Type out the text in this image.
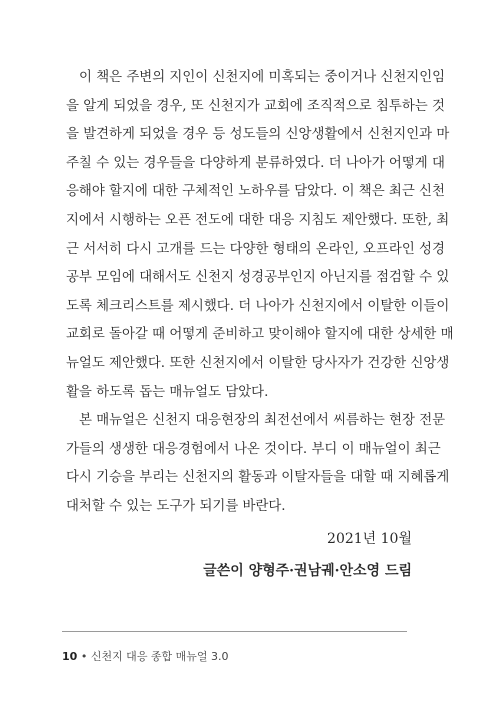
이 책은 주변의 지인이 신천지에 미혹되는 중이거나 신천지인임
을 알게 되었을 경우, 또 신천지가 교회에 조직적으로 침투하는 것
을 발견하게 되었을 경우 등 성도들의 신앙생활에서 신천지인과 마
주칠 수 있는 경우들을 다양하게 분류하였다. 더 나아가 어떻게 대
응해야 할지에 대한 구체적인 노하우를 담았다. 이 책은 최근 신천
지에서 시행하는 오픈 전도에 대한 대응 지침도 제안했다. 또한, 최
근 서서히 다시 고개를 드는 다양한 형태의 온라인, 오프라인 성경
공부 모임에 대해서도 신천지 성경공부인지 아닌지를 점검할 수 있
도록 체크리스트를 제시했다. 더 나아가 신천지에서 이탈한 이들이
교회로 돌아갈 때 어떻게 준비하고 맞이해야 할지에 대한 상세한 매
뉴얼도 제안했다. 또한 신천지에서 이탈한 당사자가 건강한 신앙생
활을 하도록 돕는 매뉴얼도 담았다.
본 매뉴얼은 신천지 대응현장의 최전선에서 씨름하는 현장 전문
가들의 생생한 대응경험에서 나온 것이다. 부디 이 매뉴얼이 최근
다시 기승을 부리는 신천지의 활동과 이탈자들을 대할 때 지혜롭게
대처할 수 있는 도구가 되기를 바란다.
2021년 10월
글쓴이 양형주·권남궤·안소영 드림
10 • 신천지 대응 종합 매뉴얼 3.0
